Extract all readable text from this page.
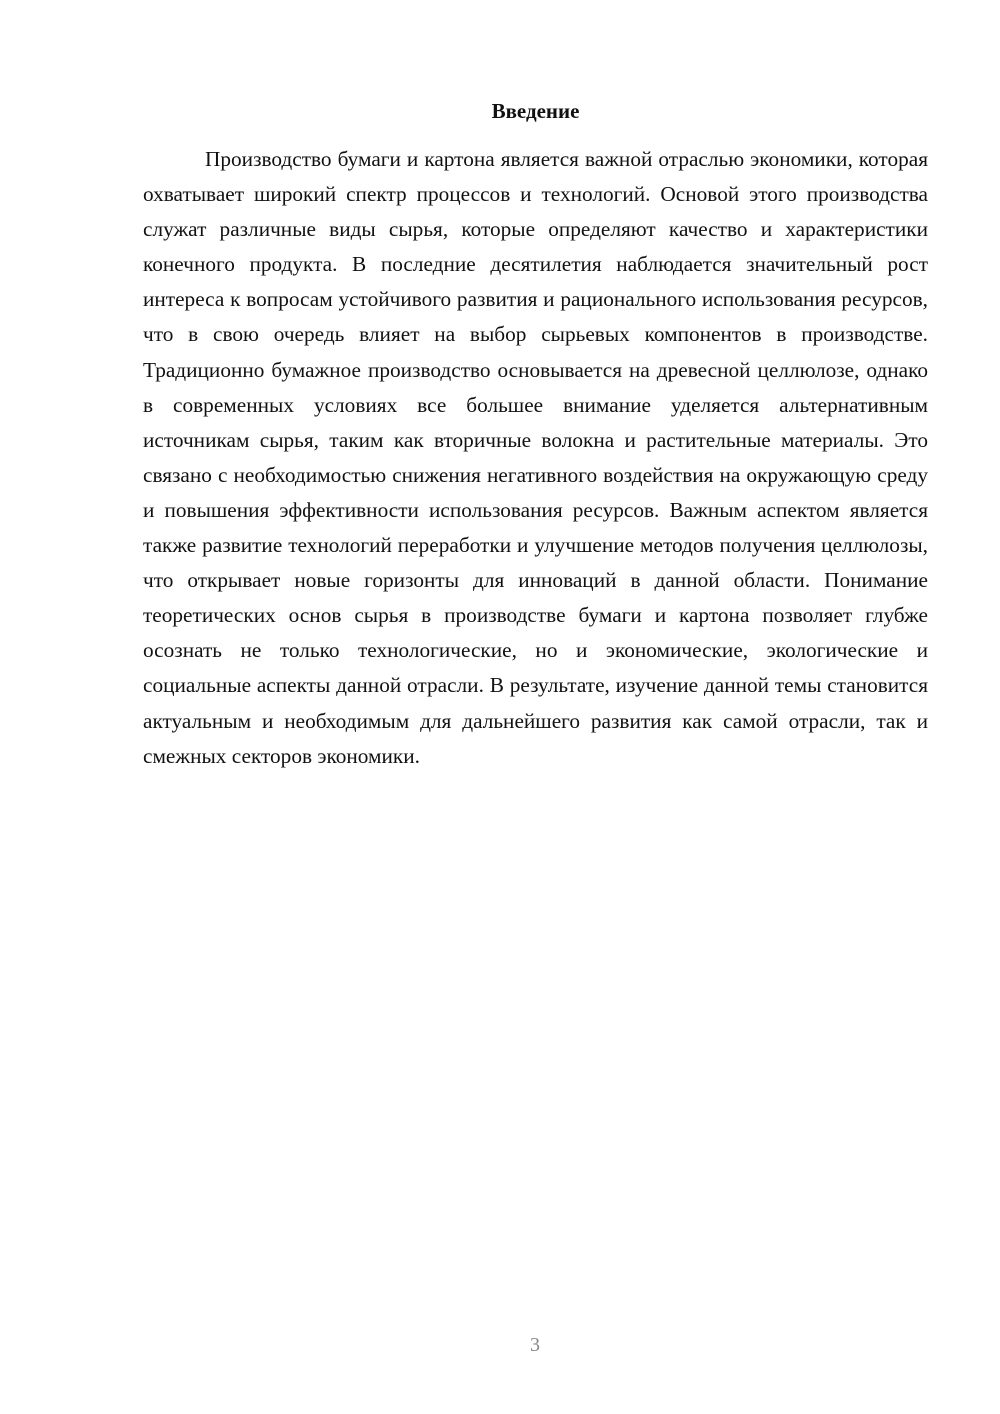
Введение

Производство бумаги и картона является важной отраслью экономики, которая охватывает широкий спектр процессов и технологий. Основой этого производства служат различные виды сырья, которые определяют качество и характеристики конечного продукта. В последние десятилетия наблюдается значительный рост интереса к вопросам устойчивого развития и рационального использования ресурсов, что в свою очередь влияет на выбор сырьевых компонентов в производстве. Традиционно бумажное производство основывается на древесной целлюлозе, однако в современных условиях все большее внимание уделяется альтернативным источникам сырья, таким как вторичные волокна и растительные материалы. Это связано с необходимостью снижения негативного воздействия на окружающую среду и повышения эффективности использования ресурсов. Важным аспектом является также развитие технологий переработки и улучшение методов получения целлюлозы, что открывает новые горизонты для инноваций в данной области. Понимание теоретических основ сырья в производстве бумаги и картона позволяет глубже осознать не только технологические, но и экономические, экологические и социальные аспекты данной отрасли. В результате, изучение данной темы становится актуальным и необходимым для дальнейшего развития как самой отрасли, так и смежных секторов экономики.

3
